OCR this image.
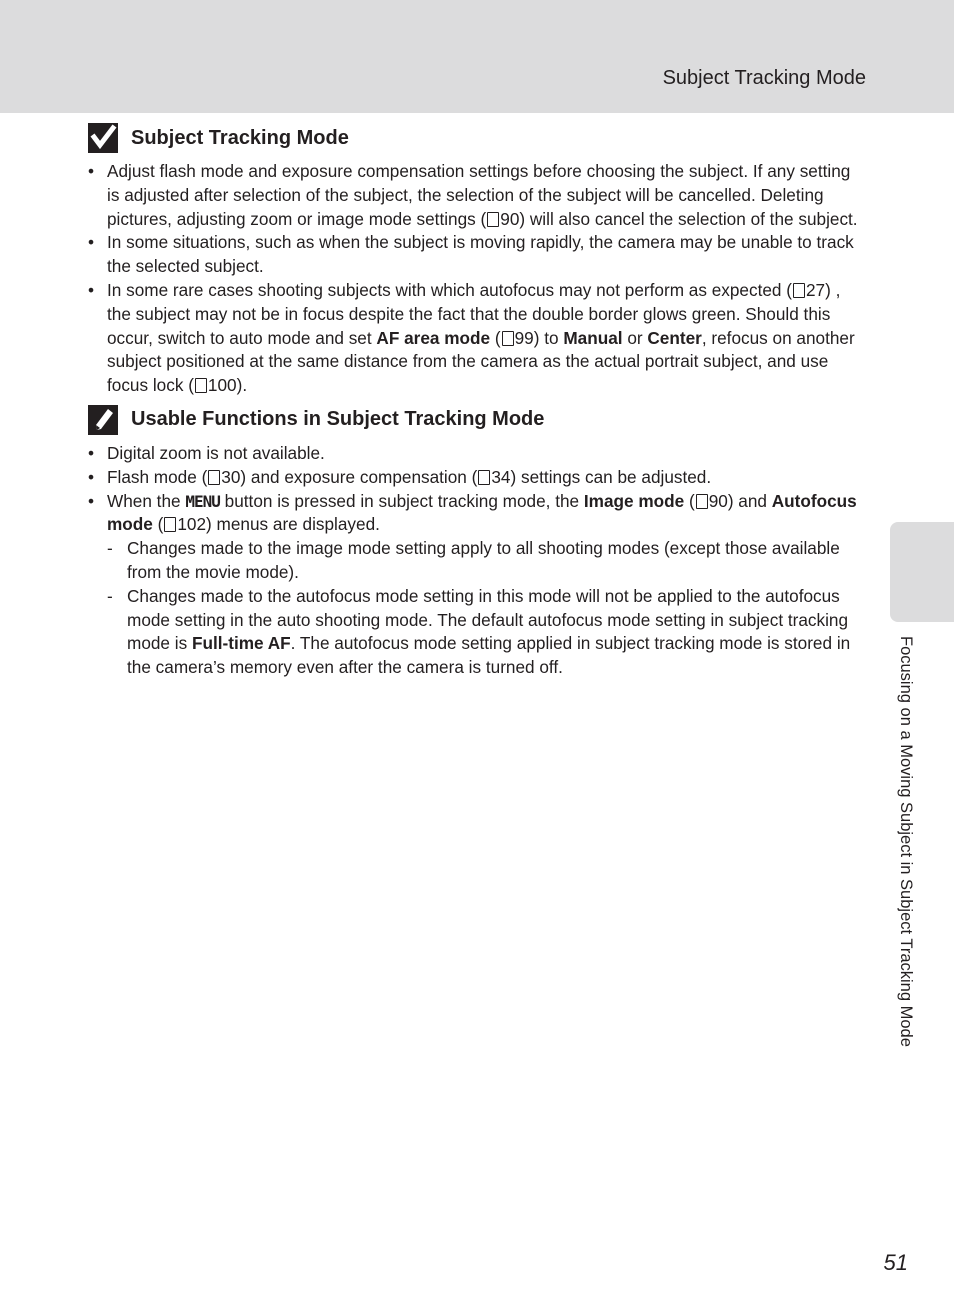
Subject Tracking Mode
Focusing on a Moving Subject in Subject Tracking Mode
Subject Tracking Mode
• Adjust flash mode and exposure compensation settings before choosing the subject. If any setting is adjusted after selection of the subject, the selection of the subject will be cancelled. Deleting pictures, adjusting zoom or image mode settings ( 90) will also cancel the selection of the subject.
• In some situations, such as when the subject is moving rapidly, the camera may be unable to track the selected subject.
• In some rare cases shooting subjects with which autofocus may not perform as expected ( 27) , the subject may not be in focus despite the fact that the double border glows green. Should this occur, switch to auto mode and set AF area mode ( 99) to Manual or Center, refocus on another subject positioned at the same distance from the camera as the actual portrait subject, and use focus lock ( 100).
Usable Functions in Subject Tracking Mode
• Digital zoom is not available.
• Flash mode ( 30) and exposure compensation ( 34) settings can be adjusted.
• When the MENU button is pressed in subject tracking mode, the Image mode ( 90) and Autofocus mode ( 102) menus are displayed.
- Changes made to the image mode setting apply to all shooting modes (except those available from the movie mode).
- Changes made to the autofocus mode setting in this mode will not be applied to the autofocus mode setting in the auto shooting mode. The default autofocus mode setting in subject tracking mode is Full-time AF. The autofocus mode setting applied in subject tracking mode is stored in the camera’s memory even after the camera is turned off.
51
